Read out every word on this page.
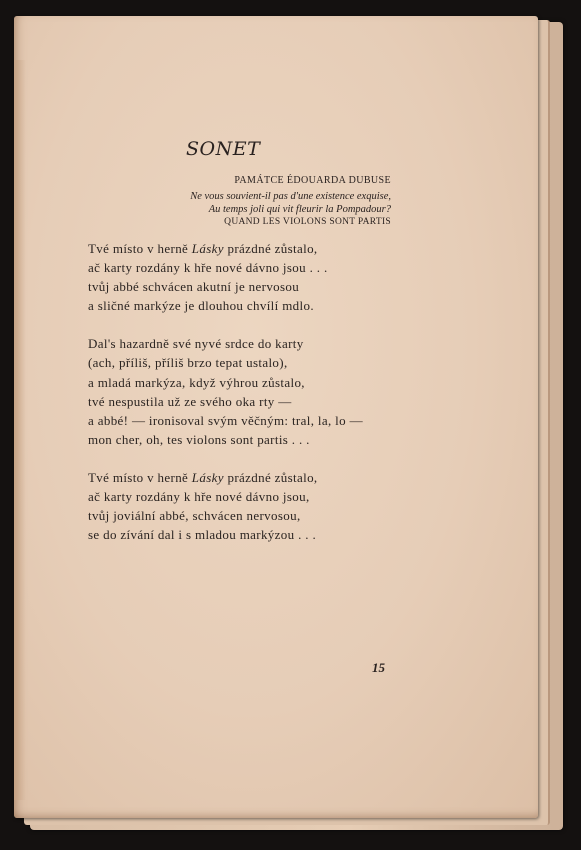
SONET
PAMÁTCE ÉDOUARDA DUBUSE
Ne vous souvient-il pas d'une existence exquise,
Au temps joli qui vit fleurir la Pompadour?
QUAND LES VIOLONS SONT PARTIS
Tvé místo v herně Lásky prázdné zůstalo,
ač karty rozdány k hře nové dávno jsou . . .
tvůj abbé schvácen akutní je nervosou
a sličné markýze je dlouhou chvílí mdlo.
Dal's hazardně své nyvé srdce do karty
(ach, příliš, příliš brzo tepat ustalo),
a mladá markýza, když výhrou zůstalo,
tvé nespustila už ze svého oka rty —
a abbé! — ironisoval svým věčným: tral, la, lo —
mon cher, oh, tes violons sont partis . . .
Tvé místo v herně Lásky prázdné zůstalo,
ač karty rozdány k hře nové dávno jsou,
tvůj joviální abbé, schvácen nervosou,
se do zívání dal i s mladou markýzou . . .
15
